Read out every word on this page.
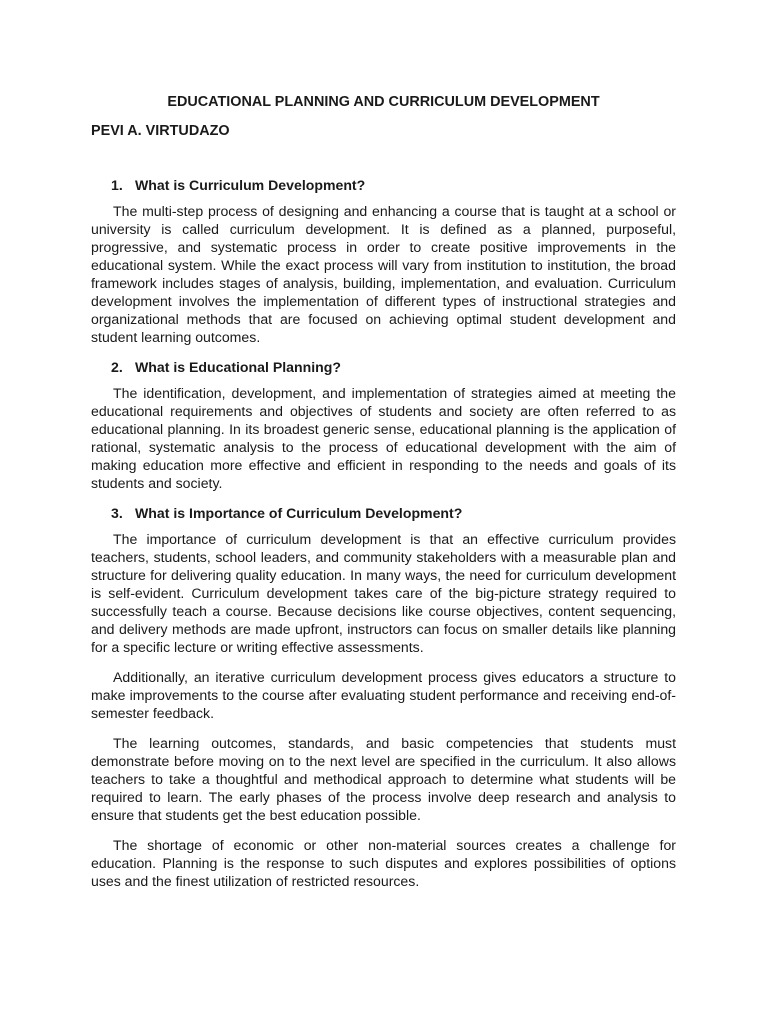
EDUCATIONAL PLANNING AND CURRICULUM DEVELOPMENT
PEVI A. VIRTUDAZO
1. What is Curriculum Development?

The multi-step process of designing and enhancing a course that is taught at a school or university is called curriculum development. It is defined as a planned, purposeful, progressive, and systematic process in order to create positive improvements in the educational system. While the exact process will vary from institution to institution, the broad framework includes stages of analysis, building, implementation, and evaluation. Curriculum development involves the implementation of different types of instructional strategies and organizational methods that are focused on achieving optimal student development and student learning outcomes.

2. What is Educational Planning?

The identification, development, and implementation of strategies aimed at meeting the educational requirements and objectives of students and society are often referred to as educational planning. In its broadest generic sense, educational planning is the application of rational, systematic analysis to the process of educational development with the aim of making education more effective and efficient in responding to the needs and goals of its students and society.

3. What is Importance of Curriculum Development?

The importance of curriculum development is that an effective curriculum provides teachers, students, school leaders, and community stakeholders with a measurable plan and structure for delivering quality education. In many ways, the need for curriculum development is self-evident. Curriculum development takes care of the big-picture strategy required to successfully teach a course. Because decisions like course objectives, content sequencing, and delivery methods are made upfront, instructors can focus on smaller details like planning for a specific lecture or writing effective assessments.

Additionally, an iterative curriculum development process gives educators a structure to make improvements to the course after evaluating student performance and receiving end-of-semester feedback.

The learning outcomes, standards, and basic competencies that students must demonstrate before moving on to the next level are specified in the curriculum. It also allows teachers to take a thoughtful and methodical approach to determine what students will be required to learn. The early phases of the process involve deep research and analysis to ensure that students get the best education possible.

The shortage of economic or other non-material sources creates a challenge for education. Planning is the response to such disputes and explores possibilities of options uses and the finest utilization of restricted resources.
